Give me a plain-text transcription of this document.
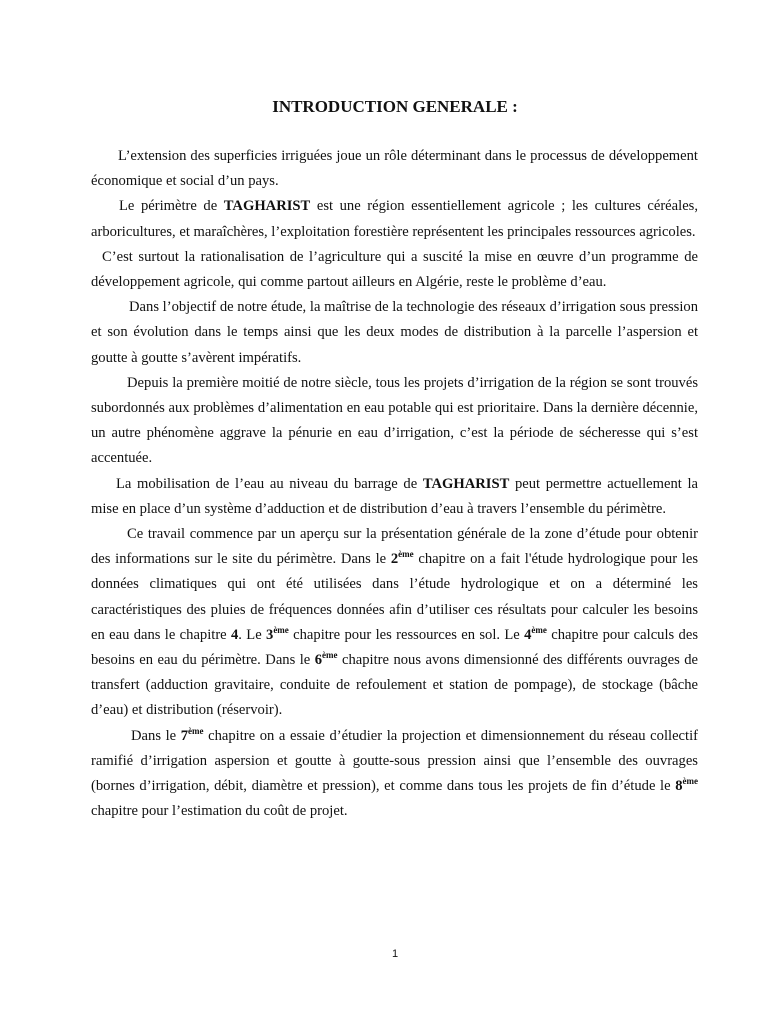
INTRODUCTION GENERALE :

L’extension des superficies irriguées joue un rôle déterminant dans le processus de développement économique et social d’un pays.

Le périmètre de TAGHARIST est une région essentiellement agricole ; les cultures céréales, arboricultures, et maraîchères, l’exploitation forestière représentent les principales ressources agricoles.

C’est surtout la rationalisation de l’agriculture qui a suscité la mise en œuvre d’un programme de développement agricole, qui comme partout ailleurs en Algérie, reste le problème d’eau.

Dans l’objectif de notre étude, la maîtrise de la technologie des réseaux d’irrigation sous pression et son évolution dans le temps ainsi que les deux modes de distribution à la parcelle l’aspersion et goutte à goutte s’avèrent impératifs.

Depuis la première moitié de notre siècle, tous les projets d’irrigation de la région se sont trouvés subordonnés aux problèmes d’alimentation en eau potable qui est prioritaire. Dans la dernière décennie, un autre phénomène aggrave la pénurie en eau d’irrigation, c’est la période de sécheresse qui s’est accentuée.

La mobilisation de l’eau au niveau du barrage de TAGHARIST peut permettre actuellement la mise en place d’un système d’adduction et de distribution d’eau à travers l’ensemble du périmètre.

Ce travail commence par un aperçu sur la présentation générale de la zone d’étude pour obtenir des informations sur le site du périmètre. Dans le 2ème chapitre on a fait l'étude hydrologique pour les données climatiques qui ont été utilisées dans l’étude hydrologique et on a déterminé les caractéristiques des pluies de fréquences données afin d’utiliser ces résultats pour calculer les besoins en eau dans le chapitre 4. Le 3ème chapitre pour les ressources en sol. Le 4ème chapitre pour calculs des besoins en eau du périmètre. Dans le 6ème chapitre nous avons dimensionné des différents ouvrages de transfert (adduction gravitaire, conduite de refoulement et station de pompage), de stockage (bâche d’eau) et distribution (réservoir).

Dans le 7ème chapitre on a essaie d’étudier la projection et dimensionnement du réseau collectif ramifié d’irrigation aspersion et goutte à goutte-sous pression ainsi que l’ensemble des ouvrages (bornes d’irrigation, débit, diamètre et pression), et comme dans tous les projets de fin d’étude le 8ème chapitre pour l’estimation du coût de projet.

1
